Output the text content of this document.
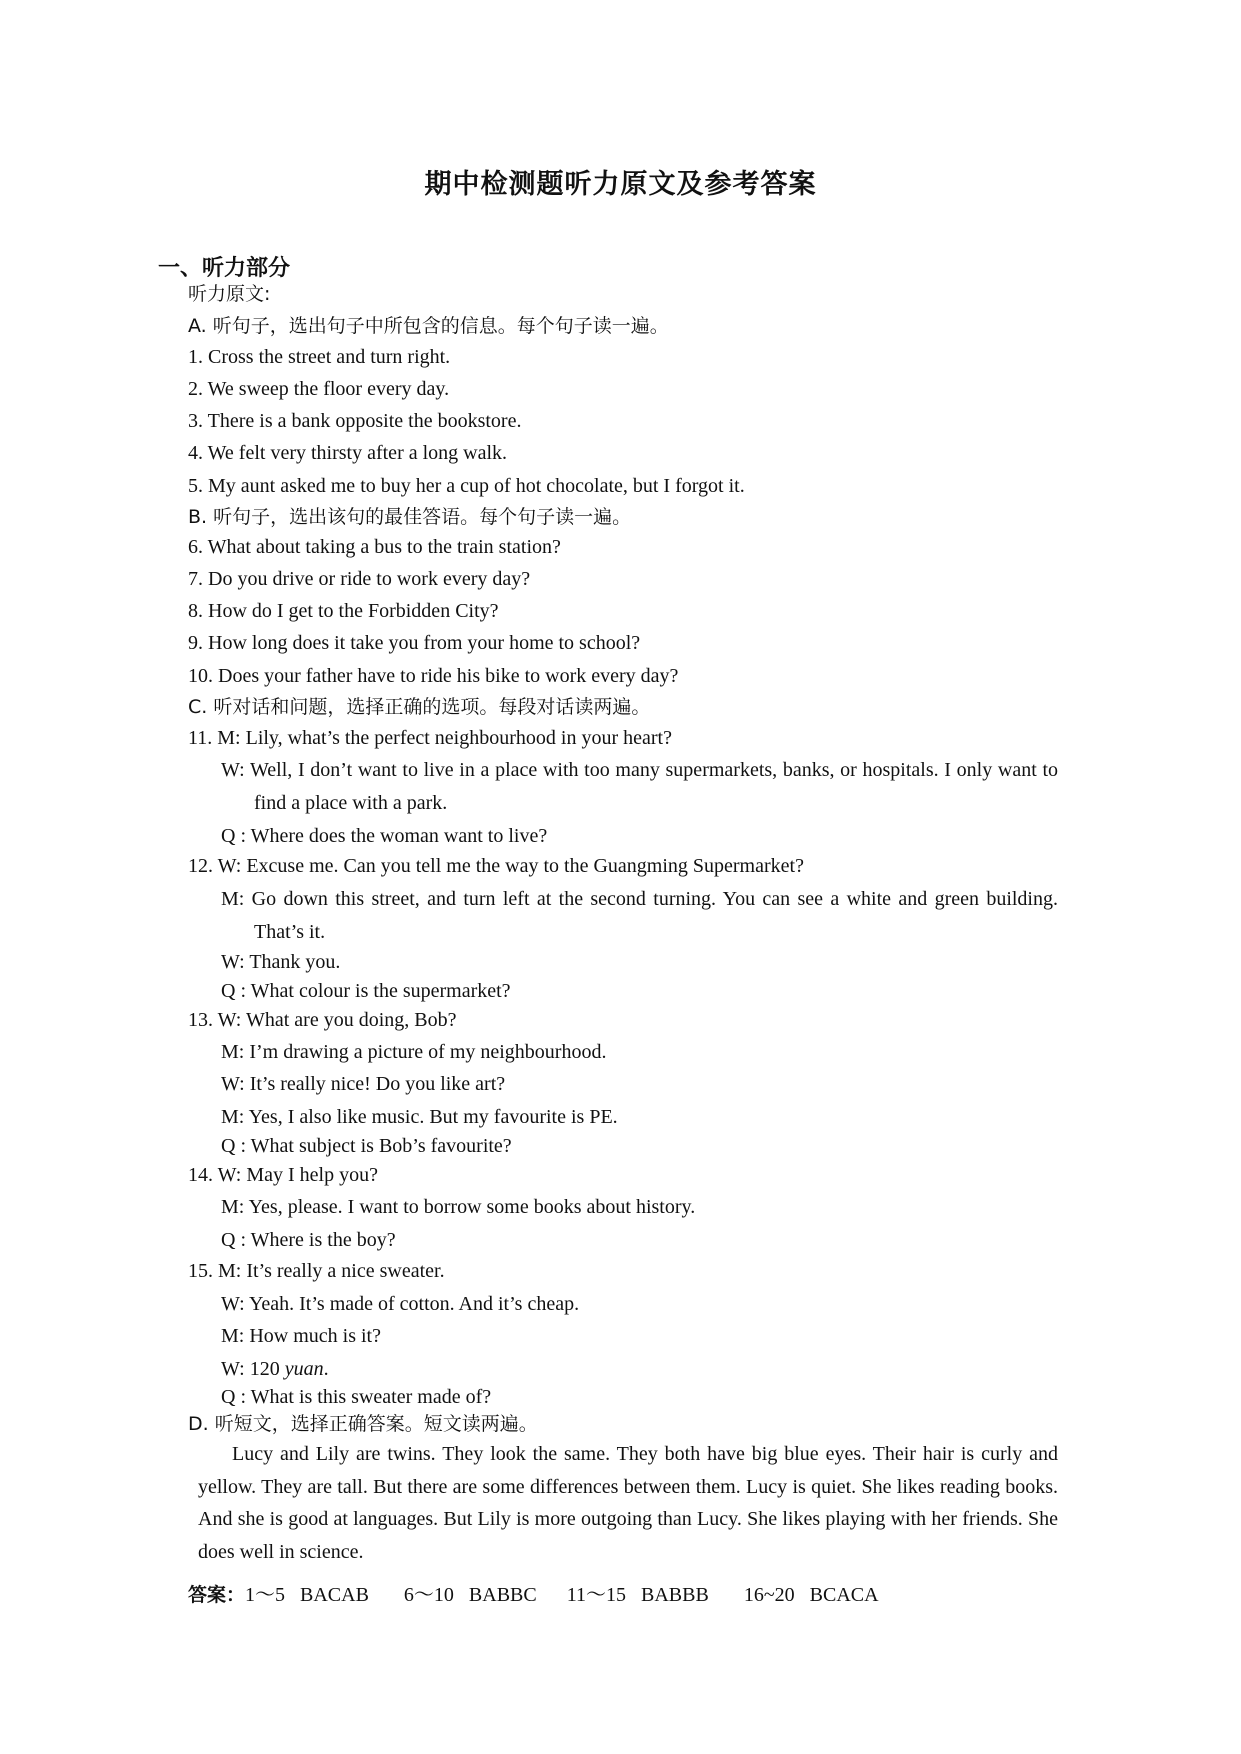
期中检测题听力原文及参考答案
一、听力部分
听力原文:
A. 听句子，选出句子中所包含的信息。每个句子读一遍。
1. Cross the street and turn right.
2. We sweep the floor every day.
3. There is a bank opposite the bookstore.
4. We felt very thirsty after a long walk.
5. My aunt asked me to buy her a cup of hot chocolate, but I forgot it.
B. 听句子，选出该句的最佳答语。每个句子读一遍。
6. What about taking a bus to the train station?
7. Do you drive or ride to work every day?
8. How do I get to the Forbidden City?
9. How long does it take you from your home to school?
10. Does your father have to ride his bike to work every day?
C. 听对话和问题，选择正确的选项。每段对话读两遍。
11. M: Lily, what’s the perfect neighbourhood in your heart?
W: Well, I don’t want to live in a place with too many supermarkets, banks, or hospitals. I only want to find a place with a park.
Q : Where does the woman want to live?
12. W: Excuse me. Can you tell me the way to the Guangming Supermarket?
M: Go down this street, and turn left at the second turning. You can see a white and green building. That’s it.
W: Thank you.
Q : What colour is the supermarket?
13. W: What are you doing, Bob?
M: I’m drawing a picture of my neighbourhood.
W: It’s really nice! Do you like art?
M: Yes, I also like music. But my favourite is PE.
Q : What subject is Bob’s favourite?
14. W: May I help you?
M: Yes, please. I want to borrow some books about history.
Q : Where is the boy?
15. M: It’s really a nice sweater.
W: Yeah. It’s made of cotton. And it’s cheap.
M: How much is it?
W: 120 yuan.
Q : What is this sweater made of?
D. 听短文，选择正确答案。短文读两遍。
Lucy and Lily are twins. They look the same. They both have big blue eyes. Their hair is curly and yellow. They are tall. But there are some differences between them. Lucy is quiet. She likes reading books. And she is good at languages. But Lily is more outgoing than Lucy. She likes playing with her friends. She does well in science.
答案：1～5 BACAB 6～10 BABBC 11～15 BABBB 16~20 BCACA
